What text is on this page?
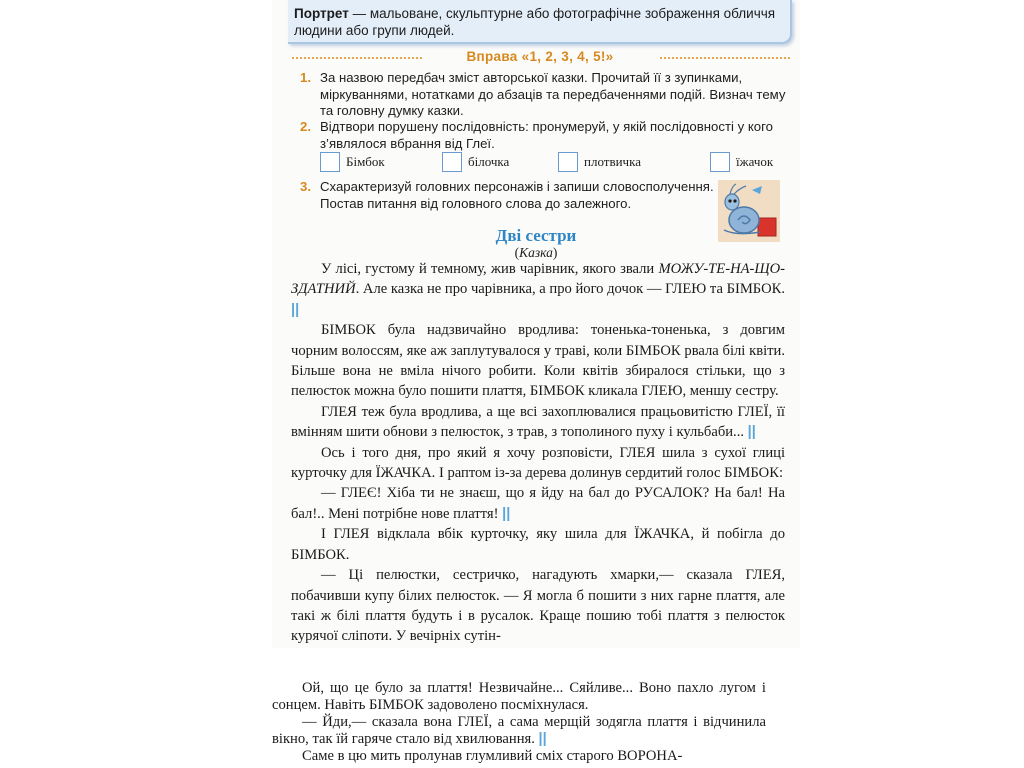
Портрет — мальоване, скульптурне або фотографічне зображення обличчя людини або групи людей.

Вправа «1, 2, 3, 4, 5!»
1. За назвою передбач зміст авторської казки. Прочитай її з зупинками, міркуваннями, нотатками до абзаців та передбаченнями подій. Визнач тему та головну думку казки.
2. Відтвори порушену послідовність: пронумеруй, у якій послідовності у кого з’являлося вбрання від Глеї.
Бімбок	білочка	плотвичка	їжачок
3. Схарактеризуй головних персонажів і запиши словосполучення. Постав питання від головного слова до залежного.
Дві сестри
(Казка)

У лісі, густому й темному, жив чарівник, якого звали МОЖУ-ТЕ-НА-ЩО-ЗДАТНИЙ. Але казка не про чарівника, а про його дочок — ГЛЕЮ та БІМБОК. ||

БІМБОК була надзвичайно вродлива: тоненька-тоненька, з довгим чорним волоссям, яке аж заплутувалося у траві, коли БІМБОК рвала білі квіти. Більше вона не вміла нічого робити. Коли квітів збиралося стільки, що з пелюсток можна було пошити плаття, БІМБОК кликала ГЛЕЮ, меншу сестру.

ГЛЕЯ теж була вродлива, а ще всі захоплювалися працьовитістю ГЛЕЇ, її вмінням шити обнови з пелюсток, з трав, з тополиного пуху і кульбаби... ||

Ось і того дня, про який я хочу розповісти, ГЛЕЯ шила з сухої глиці курточку для ЇЖАЧКА. І раптом із-за дерева долинув сердитий голос БІМБОК:

— ГЛЕЄ! Хіба ти не знаєш, що я йду на бал до РУСАЛОК? На бал! На бал!.. Мені потрібне нове плаття! ||

І ГЛЕЯ відклала вбік курточку, яку шила для ЇЖАЧКА, й побігла до БІМБОК.

— Ці пелюстки, сестричко, нагадують хмарки,— сказала ГЛЕЯ, побачивши купу білих пелюсток. — Я могла б пошити з них гарне плаття, але такі ж білі плаття будуть і в русалок. Краще пошию тобі плаття з пелюсток курячої сліпоти. У вечірніх сутін-

Ой, що це було за плаття! Незвичайне... Сяйливе... Воно пахло лугом і сонцем. Навіть БІМБОК задоволено посміхнулася.

— Йди,— сказала вона ГЛЕЇ, а сама мерщій зодягла плаття і відчинила вікно, так їй гаряче стало від хвилювання. ||

Саме в цю мить пролунав глумливий сміх старого ВОРОНА-
